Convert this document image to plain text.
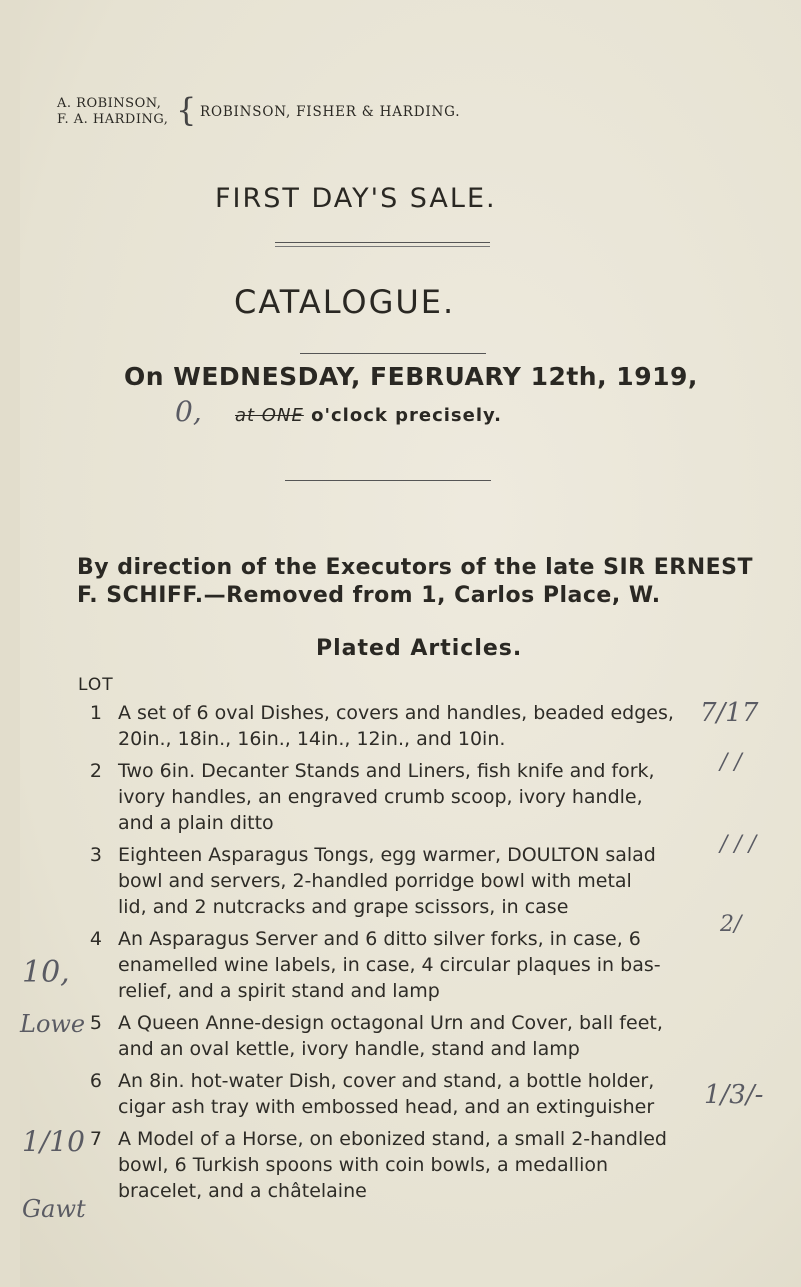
A. ROBINSON,
F. A. HARDING, { ROBINSON, FISHER & HARDING.
FIRST DAY'S SALE.
CATALOGUE.
On WEDNESDAY, FEBRUARY 12th, 1919,
0, at ONE o'clock precisely.
By direction of the Executors of the late SIR ERNEST F. SCHIFF.—Removed from 1, Carlos Place, W.
Plated Articles.
LOT
1 A set of 6 oval Dishes, covers and handles, beaded edges,
20in., 18in., 16in., 14in., 12in., and 10in.
2 Two 6in. Decanter Stands and Liners, fish knife and fork,
ivory handles, an engraved crumb scoop, ivory handle,
and a plain ditto
3 Eighteen Asparagus Tongs, egg warmer, DOULTON salad
bowl and servers, 2-handled porridge bowl with metal
lid, and 2 nutcracks and grape scissors, in case
4 An Asparagus Server and 6 ditto silver forks, in case, 6
enamelled wine labels, in case, 4 circular plaques in bas-
relief, and a spirit stand and lamp
5 A Queen Anne-design octagonal Urn and Cover, ball feet,
and an oval kettle, ivory handle, stand and lamp
6 An 8in. hot-water Dish, cover and stand, a bottle holder,
cigar ash tray with embossed head, and an extinguisher
7 A Model of a Horse, on ebonized stand, a small 2-handled
bowl, 6 Turkish spoons with coin bowls, a medallion
bracelet, and a châtelaine
7/17
/ /
/ / /
2/
10,
Lowe
1/3/-
1/10
Gawt
